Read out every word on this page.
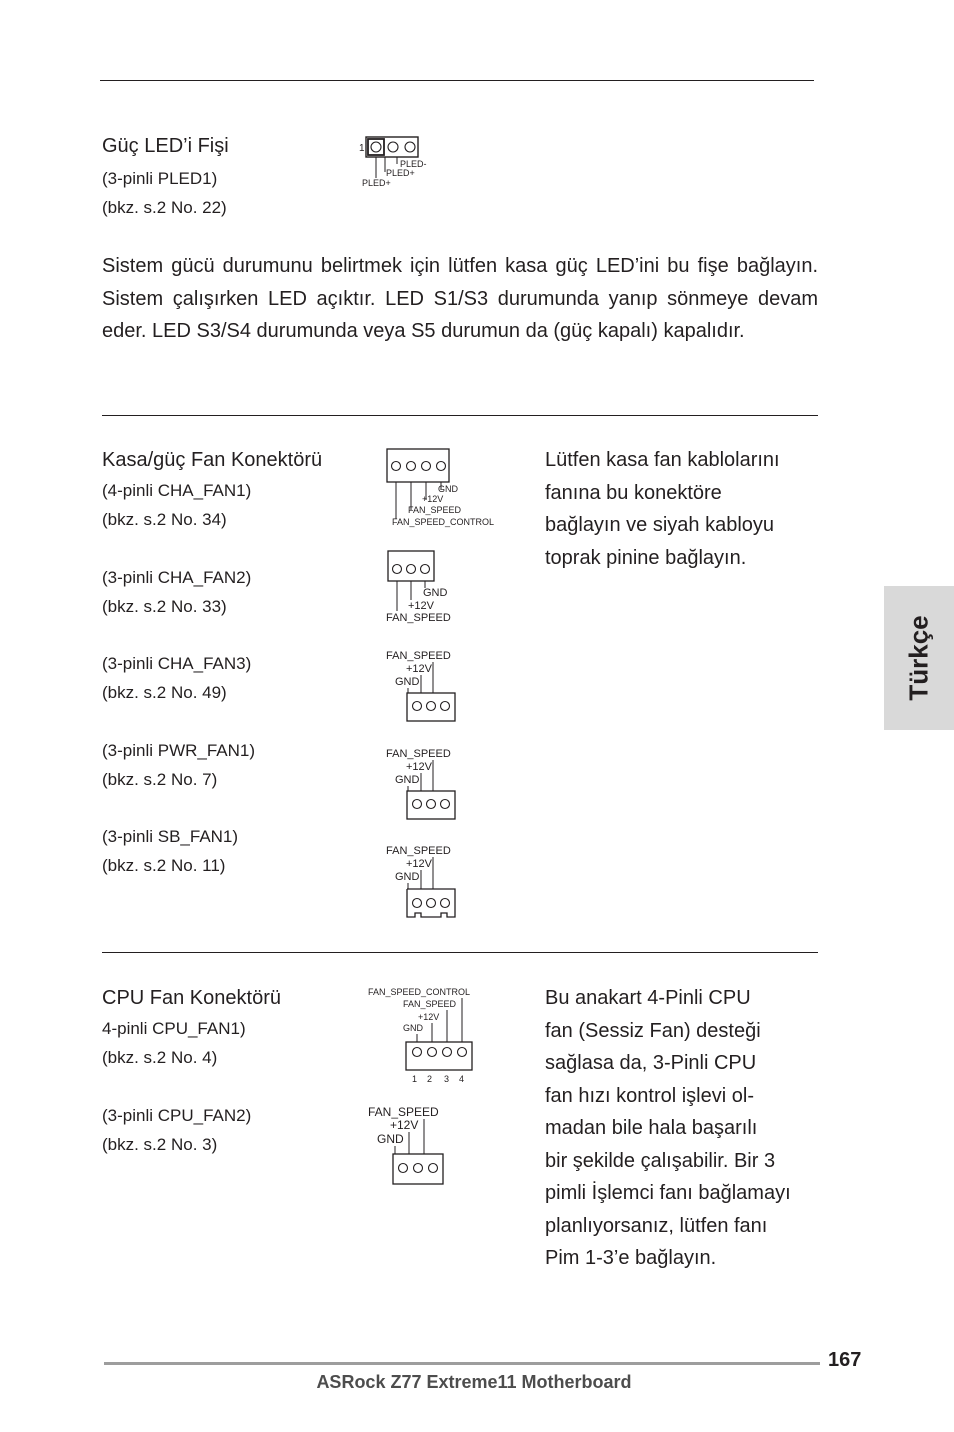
Güç LED’i Fişi
(3-pinli PLED1)
(bkz. s.2 No. 22)
1
PLED-
PLED+
PLED+
Sistem gücü durumunu belirtmek için lütfen kasa güç LED’ini bu fişe bağlayın. Sistem çalışırken LED açıktır. LED S1/S3 durumunda yanıp sönmeye devam eder. LED S3/S4 durumunda veya S5 durumun da (güç kapalı) kapalıdır.
Kasa/güç Fan Konektörü
(4-pinli CHA_FAN1)
(bkz. s.2 No. 34)
(3-pinli CHA_FAN2)
(bkz. s.2 No. 33)
(3-pinli CHA_FAN3)
(bkz. s.2 No. 49)
(3-pinli PWR_FAN1)
(bkz. s.2 No. 7)
(3-pinli SB_FAN1)
(bkz. s.2 No. 11)
GND
+12V
FAN_SPEED
FAN_SPEED_CONTROL
GND
+12V
FAN_SPEED
FAN_SPEED
+12V
GND
FAN_SPEED
+12V
GND
FAN_SPEED
+12V
GND
Lütfen kasa fan kablolarını
fanına bu konektöre
bağlayın ve siyah kabloyu
toprak pinine bağlayın.
CPU Fan Konektörü
4-pinli CPU_FAN1)
(bkz. s.2 No. 4)
(3-pinli CPU_FAN2)
(bkz. s.2 No. 3)
FAN_SPEED_CONTROL
FAN_SPEED
+12V
GND
1 2 3 4
FAN_SPEED
+12V
GND
Bu anakart 4-Pinli CPU
fan (Sessiz Fan) desteği
sağlasa da, 3-Pinli CPU
fan hızı kontrol işlevi ol-
madan bile hala başarılı
bir şekilde çalışabilir. Bir 3
pimli İşlemci fanı bağlamayı
planlıyorsanız, lütfen fanı
Pim 1-3’e bağlayın.
Türkçe
167
ASRock Z77 Extreme11 Motherboard
